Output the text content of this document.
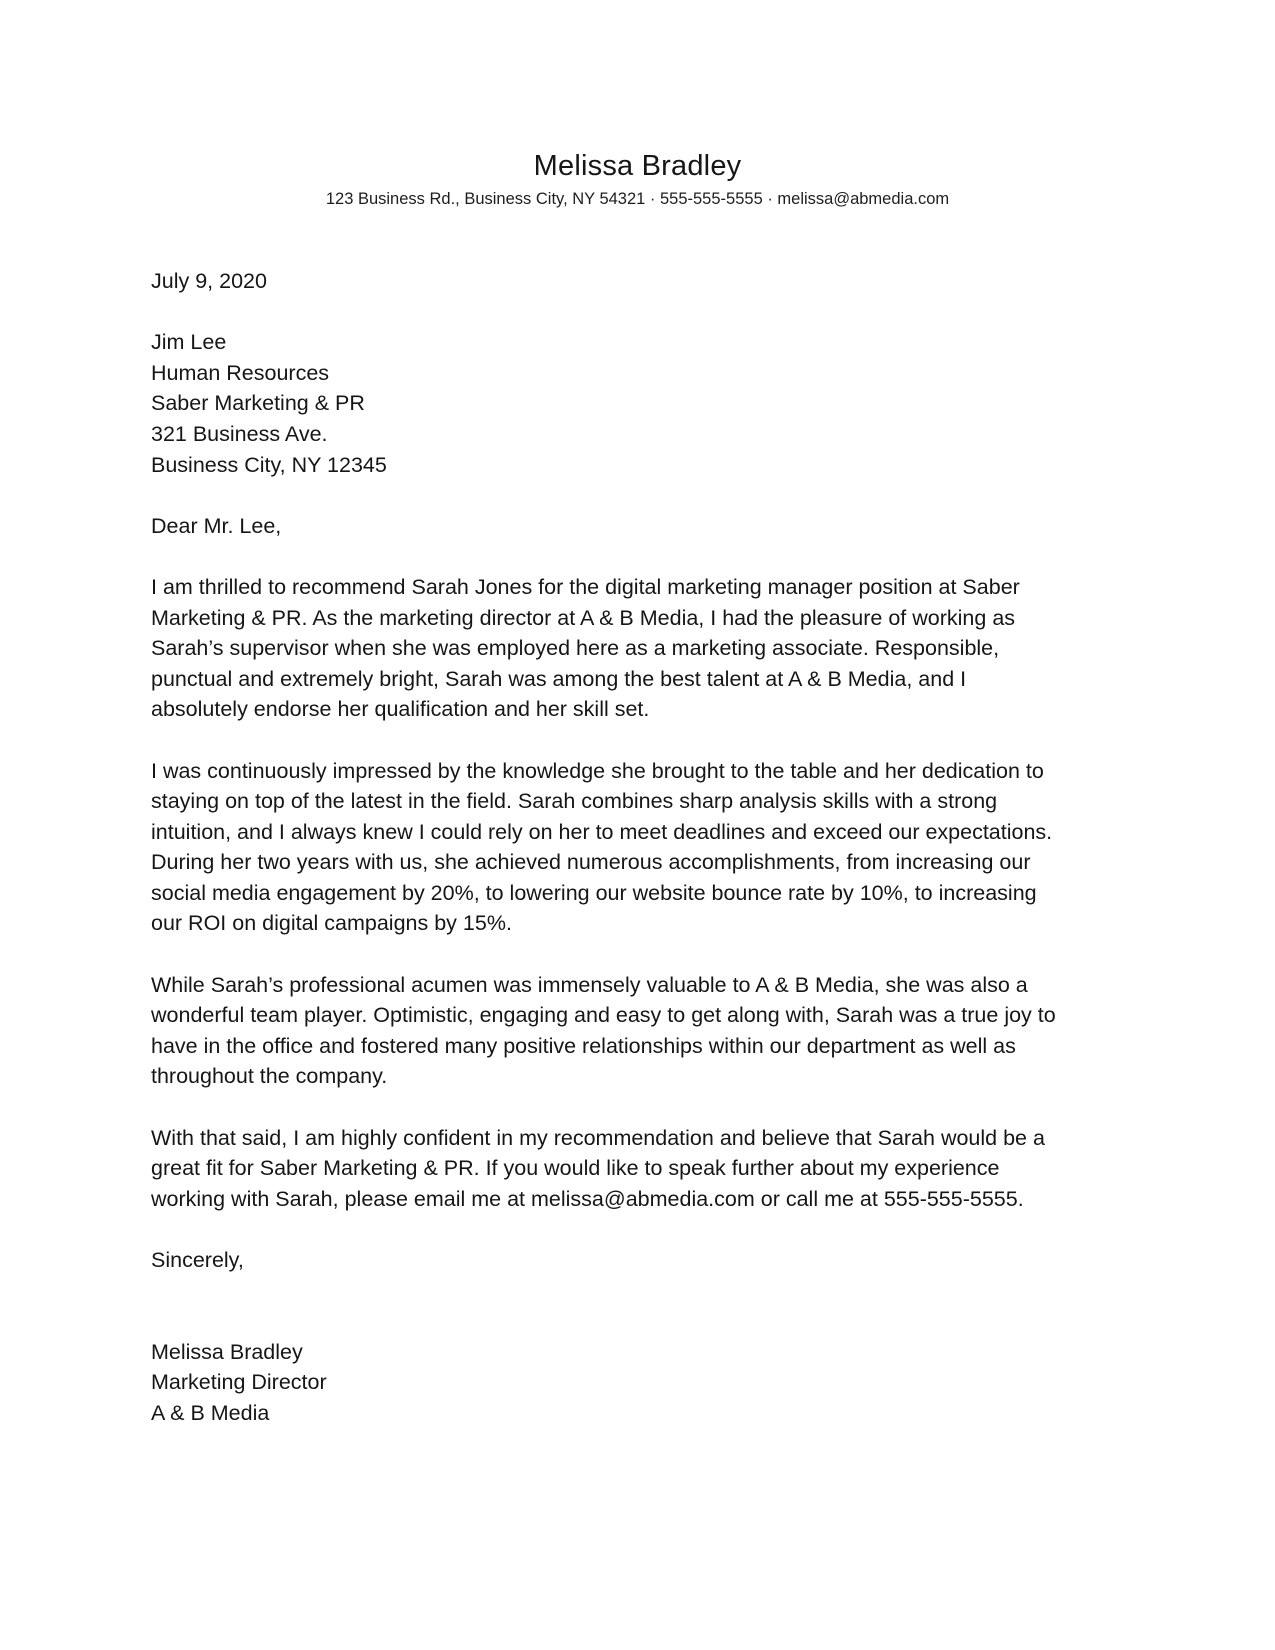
Melissa Bradley
123 Business Rd., Business City, NY 54321 · 555-555-5555 · melissa@abmedia.com
July 9, 2020
Jim Lee
Human Resources
Saber Marketing & PR
321 Business Ave.
Business City, NY 12345
Dear Mr. Lee,
I am thrilled to recommend Sarah Jones for the digital marketing manager position at Saber
Marketing & PR. As the marketing director at A & B Media, I had the pleasure of working as
Sarah’s supervisor when she was employed here as a marketing associate. Responsible,
punctual and extremely bright, Sarah was among the best talent at A & B Media, and I
absolutely endorse her qualification and her skill set.
I was continuously impressed by the knowledge she brought to the table and her dedication to
staying on top of the latest in the field. Sarah combines sharp analysis skills with a strong
intuition, and I always knew I could rely on her to meet deadlines and exceed our expectations.
During her two years with us, she achieved numerous accomplishments, from increasing our
social media engagement by 20%, to lowering our website bounce rate by 10%, to increasing
our ROI on digital campaigns by 15%.
While Sarah’s professional acumen was immensely valuable to A & B Media, she was also a
wonderful team player. Optimistic, engaging and easy to get along with, Sarah was a true joy to
have in the office and fostered many positive relationships within our department as well as
throughout the company.
With that said, I am highly confident in my recommendation and believe that Sarah would be a
great fit for Saber Marketing & PR. If you would like to speak further about my experience
working with Sarah, please email me at melissa@abmedia.com or call me at 555-555-5555.
Sincerely,
Melissa Bradley
Marketing Director
A & B Media
